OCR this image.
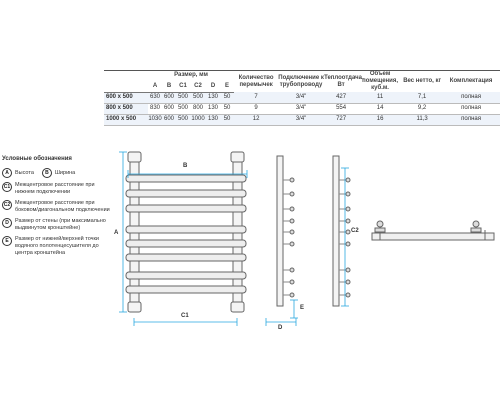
	Размер, мм						Количество перемычек	Подключение к трубопроводу	Теплоотдача, Вт	Объем помещения, куб.м.	Вес нетто, кг	Комплектация
	A	B	C1	C2	D	E						
600 х 500	630	600	500	500	130	50	7	3/4"	427	11	7,1	полная
800 х 500	830	600	500	800	130	50	9	3/4"	554	14	9,2	полная
1000 х 500	1030	600	500	1000	130	50	12	3/4"	727	16	11,3	полная
Условные обозначения
A	Высота	B	Ширина
C1 Межцентровое расстояние при нижнем подключении
C2 Межцентровое расстояние при боковом/диагональном подключении
D	Размер от стены (при максимально выдвинутом кронштейне)
E	Размер от нижней/верхней точки водяного полотенцесушителя до центра кронштейна
B
A
C1
D
C2
E
